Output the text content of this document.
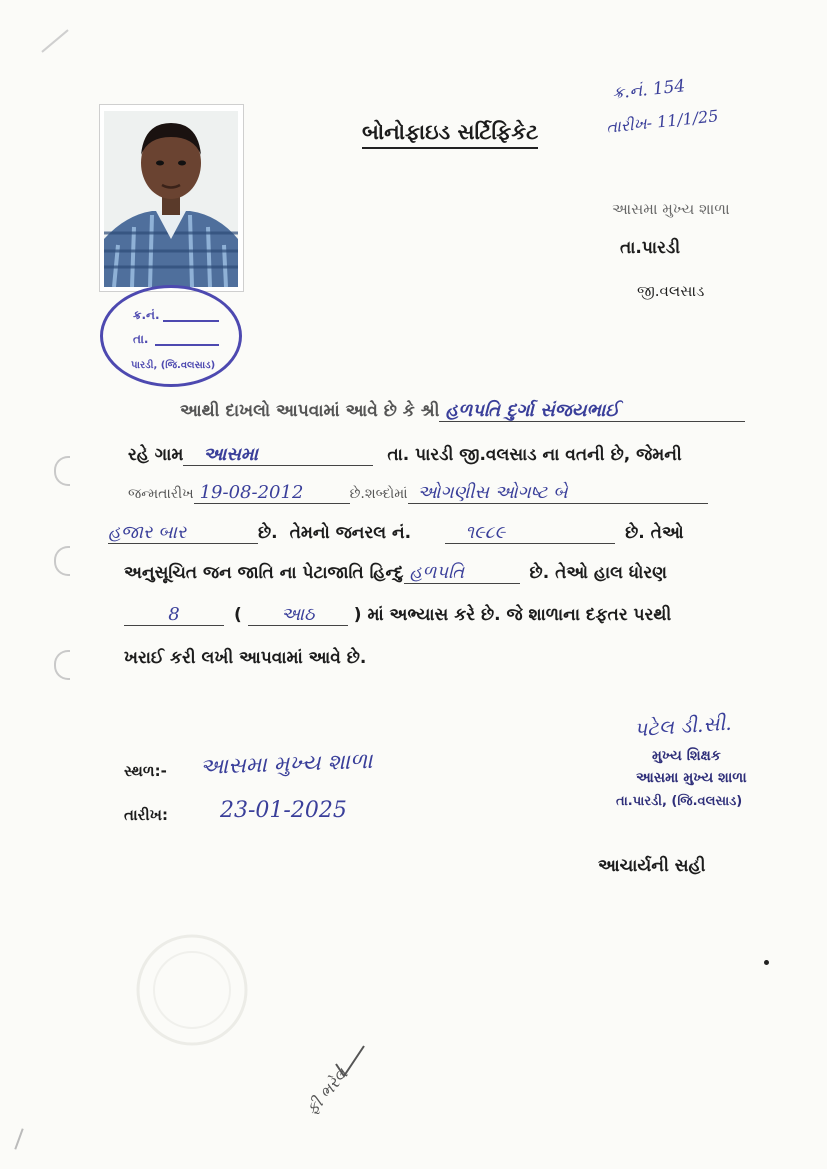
ક્ર.નં.
તા.
પારડી, (જિ.વલસાડ)
બોનોફાઇડ સર્ટિફિકેટ
ક્ર.નં. 154
તારીખ- 11/1/25
આસમા મુખ્ય શાળા
તા.પારડી
જી.વલસાડ
આથી દાખલો આપવામાં આવે છે કે શ્રી હળપતિ દુર્ગા સંજયભાઈ
રહે ગામ આસમા	તા. પારડી જી.વલસાડ ના વતની છે, જેમની
જન્મતારીખ 19-08-2012	છે.શબ્દોમાં ઓગણીસ ઓગષ્ટ બે
હજાર બાર	છે. તેમનો જનરલ નં.	૧૯૮૯	છે. તેઓ
અનુસૂચિત જન જાતિ ના પેટાજાતિ હિન્દુ હળપતિ	છે. તેઓ હાલ ધોરણ
8	( આઠ ) માં અભ્યાસ કરે છે. જે શાળાના દફતર પરથી
ખરાઈ કરી લખી આપવામાં આવે છે.
સ્થળ:- આસમા મુખ્ય શાળા
તારીખ: 23-01-2025
પટેલ ડી.સી.
મુખ્ય શિક્ષક
આસમા મુખ્ય શાળા
તા.પારડી, (જિ.વલસાડ)
આચાર્યની સહી
ફી ભરેલ
